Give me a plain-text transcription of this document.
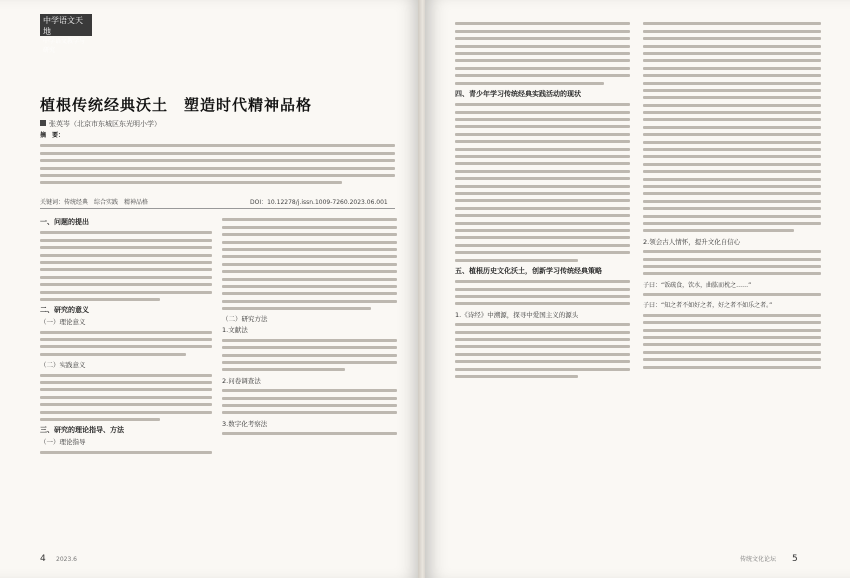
中学语文天地
中学语文教学与研究
植根传统经典沃土　塑造时代精神品格
张英岑（北京市东城区东光明小学）
摘　要：
关键词：传统经典　综合实践　精神品格	DOI：10.12278/j.issn.1009-7260.2023.06.001
一、问题的提出
二、研究的意义
（一）理论意义
（二）实践意义
三、研究的理论指导、方法
（一）理论指导
（二）研究方法
1.文献法
2.问卷调查法
3.数字化考察法
4 2023.6
四、青少年学习传统经典实践活动的现状
五、植根历史文化沃土，创新学习传统经典策略
1.《诗经》中溯源，探寻中爱国主义的源头
2.领会古人情怀，提升文化自信心
子曰：“饭疏食，饮水，曲肱而枕之……”
子曰：“知之者不如好之者，好之者不如乐之者。”
传统文化论坛 5
